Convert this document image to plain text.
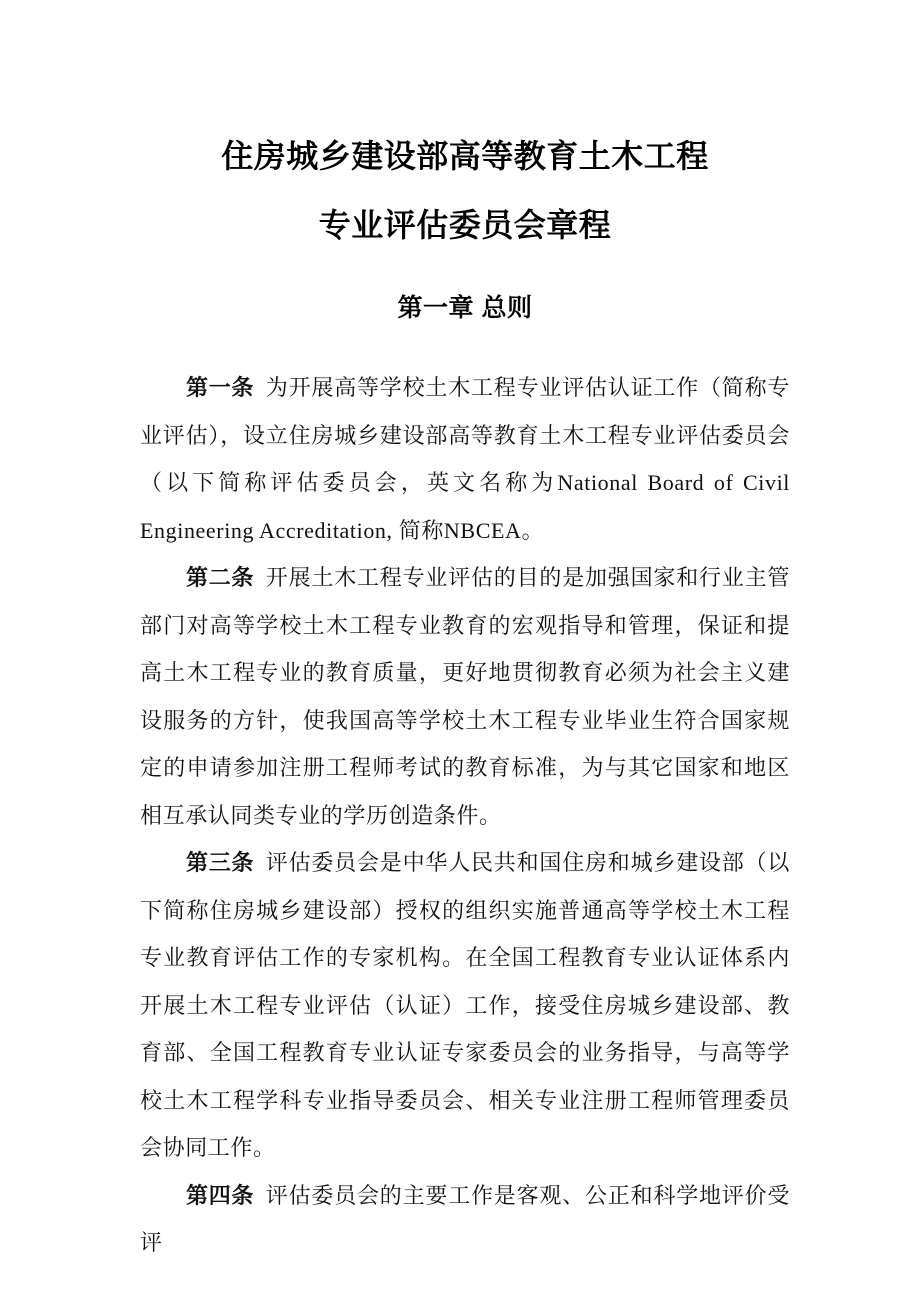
住房城乡建设部高等教育土木工程
专业评估委员会章程
第一章 总则

第一条 为开展高等学校土木工程专业评估认证工作（简称专业评估），设立住房城乡建设部高等教育土木工程专业评估委员会（以下简称评估委员会，英文名称为National Board of Civil Engineering Accreditation, 简称NBCEA。

第二条 开展土木工程专业评估的目的是加强国家和行业主管部门对高等学校土木工程专业教育的宏观指导和管理，保证和提高土木工程专业的教育质量，更好地贯彻教育必须为社会主义建设服务的方针，使我国高等学校土木工程专业毕业生符合国家规定的申请参加注册工程师考试的教育标准，为与其它国家和地区相互承认同类专业的学历创造条件。

第三条 评估委员会是中华人民共和国住房和城乡建设部（以下简称住房城乡建设部）授权的组织实施普通高等学校土木工程专业教育评估工作的专家机构。在全国工程教育专业认证体系内开展土木工程专业评估（认证）工作，接受住房城乡建设部、教育部、全国工程教育专业认证专家委员会的业务指导，与高等学校土木工程学科专业指导委员会、相关专业注册工程师管理委员会协同工作。

第四条 评估委员会的主要工作是客观、公正和科学地评价受评
